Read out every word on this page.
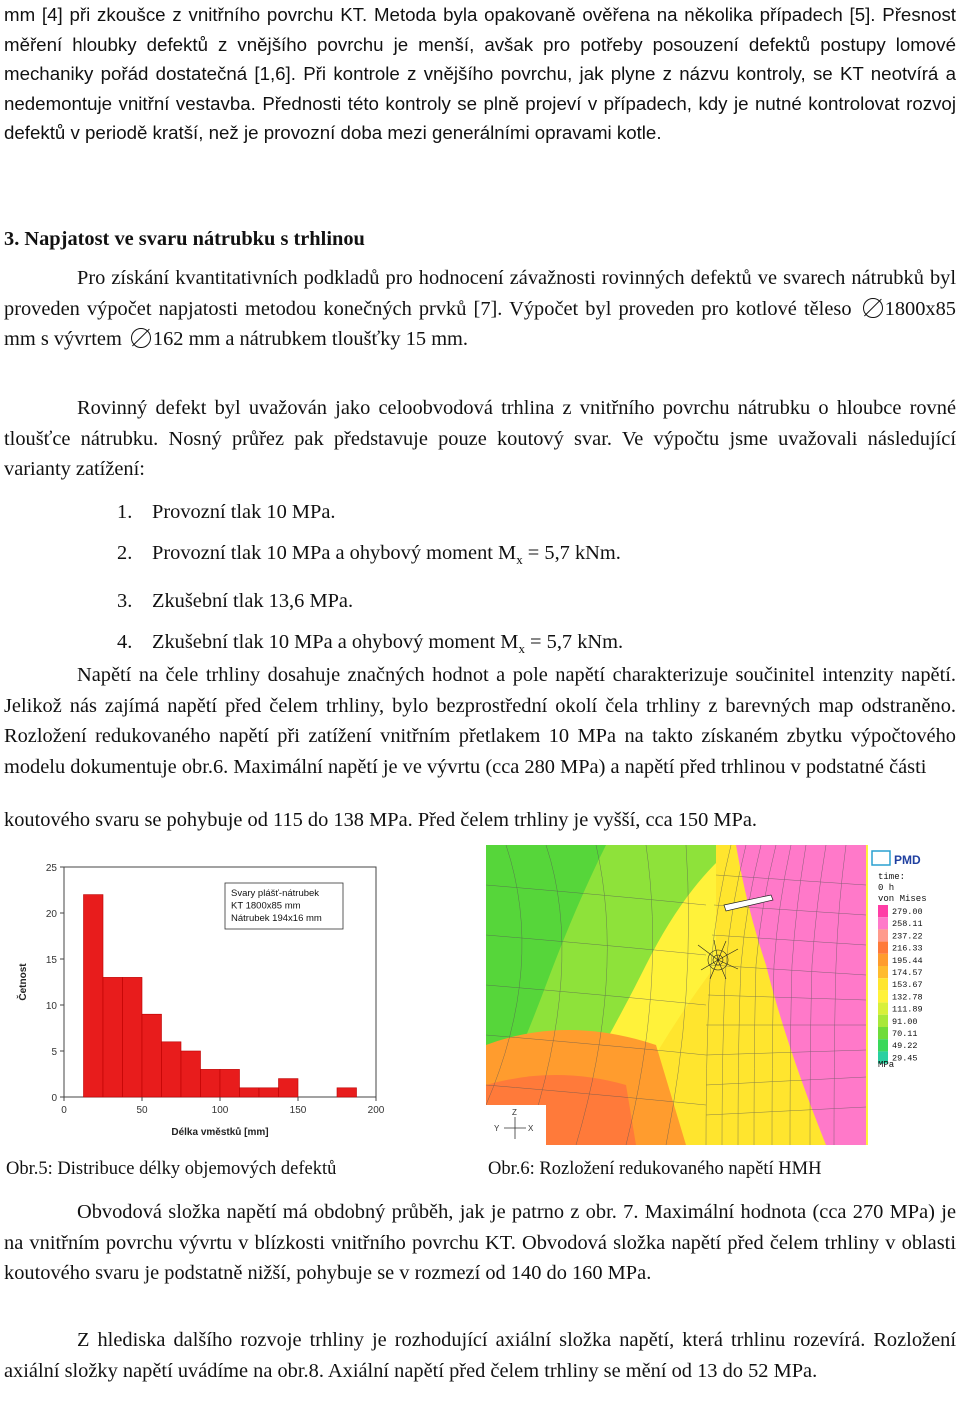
mm [4] při zkoušce z vnitřního povrchu KT. Metoda byla opakovaně ověřena na několika případech [5]. Přesnost měření hloubky defektů z vnějšího povrchu je menší, avšak pro potřeby posouzení defektů postupy lomové mechaniky pořád dostatečná [1,6]. Při kontrole z vnějšího povrchu, jak plyne z názvu kontroly, se KT neotvírá a nedemontuje vnitřní vestavba. Přednosti této kontroly se plně projeví v případech, kdy je nutné kontrolovat rozvoj defektů v periodě kratší, než je provozní doba mezi generálními opravami kotle.

3. Napjatost ve svaru nátrubku s trhlinou

Pro získání kvantitativních podkladů pro hodnocení závažnosti rovinných defektů ve svarech nátrubků byl proveden výpočet napjatosti metodou konečných prvků [7]. Výpočet byl proveden pro kotlové těleso 1800x85 mm s vývrtem 162 mm a nátrubkem tloušťky 15 mm.

Rovinný defekt byl uvažován jako celoobvodová trhlina z vnitřního povrchu nátrubku o hloubce rovné tloušťce nátrubku. Nosný průřez pak představuje pouze koutový svar. Ve výpočtu jsme uvažovali následující varianty zatížení:

1. Provozní tlak 10 MPa.
2. Provozní tlak 10 MPa a ohybový moment $M_x = 5,7$ kNm.
3. Zkušební tlak 13,6 MPa.
4. Zkušební tlak 10 MPa a ohybový moment $M_x = 5,7$ kNm.

Napětí na čele trhliny dosahuje značných hodnot a pole napětí charakterizuje součinitel intenzity napětí. Jelikož nás zajímá napětí před čelem trhliny, bylo bezprostřední okolí čela trhliny z barevných map odstraněno. Rozložení redukovaného napětí při zatížení vnitřním přetlakem 10 MPa na takto získaném zbytku výpočtového modelu dokumentuje obr.6. Maximální napětí je ve vývrtu (cca 280 MPa) a napětí před trhlinou v podstatné části

koutového svaru se pohybuje od 115 do 138 MPa. Před čelem trhliny je vyšší, cca 150 MPa.

0
5
10
15
20
25
0	50	100	150	200
Délka vměstků [mm]
Četnost
Svary plášť-nátrubek
KT 1800x85 mm
Nátrubek 194x16 mm
PMD
time:
0 h
von Mises
279.00
258.11
237.22
216.33
195.44
174.57
153.67
132.78
111.89
91.00
70.11
49.22
29.45
MPa
Y
Z
X
Obr.5: Distribuce délky objemových defektů	Obr.6: Rozložení redukovaného napětí HMH

Obvodová složka napětí má obdobný průběh, jak je patrno z obr. 7. Maximální hodnota (cca 270 MPa) je na vnitřním povrchu vývrtu v blízkosti vnitřního povrchu KT. Obvodová složka napětí před čelem trhliny v oblasti koutového svaru je podstatně nižší, pohybuje se v rozmezí od 140 do 160 MPa.

Z hlediska dalšího rozvoje trhliny je rozhodující axiální složka napětí, která trhlinu rozevírá. Rozložení axiální složky napětí uvádíme na obr.8. Axiální napětí před čelem trhliny se mění od 13 do 52 MPa.
